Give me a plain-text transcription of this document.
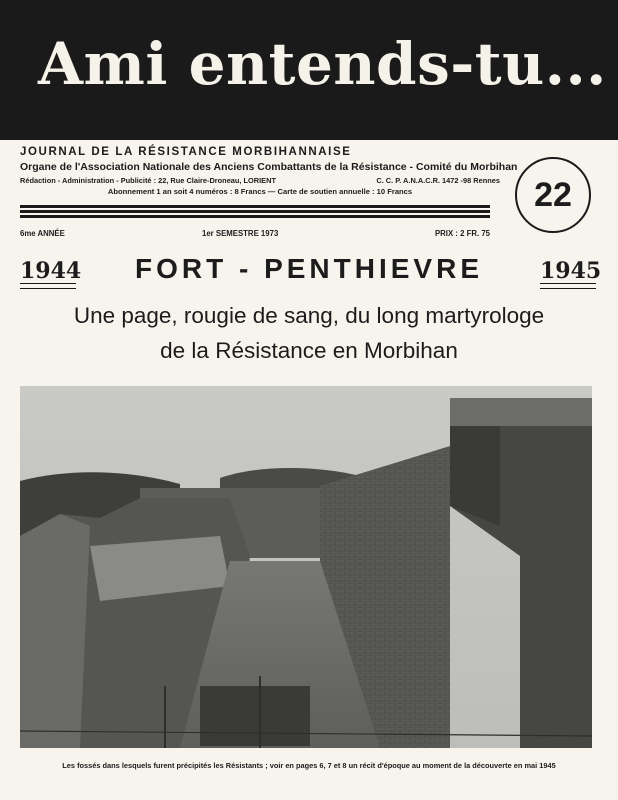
Ami entends-tu...
JOURNAL DE LA RÉSISTANCE MORBIHANNAISE
Organe de l'Association Nationale des Anciens Combattants de la Résistance - Comité du Morbihan
Rédaction - Administration - Publicité : 22, Rue Claire-Droneau, LORIENT	C. C. P. A.N.A.C.R. 1472 -98 Rennes
Abonnement 1 an soit 4 numéros : 8 Francs — Carte de soutien annuelle : 10 Francs	22
6me ANNÉE	1er SEMESTRE 1973	PRIX : 2 FR. 75
1944	FORT - PENTHIEVRE	1945
Une page, rougie de sang, du long martyrologe
de la Résistance en Morbihan
Les fossés dans lesquels furent précipités les Résistants ; voir en pages 6, 7 et 8 un récit d'époque au moment de la découverte en mai 1945
